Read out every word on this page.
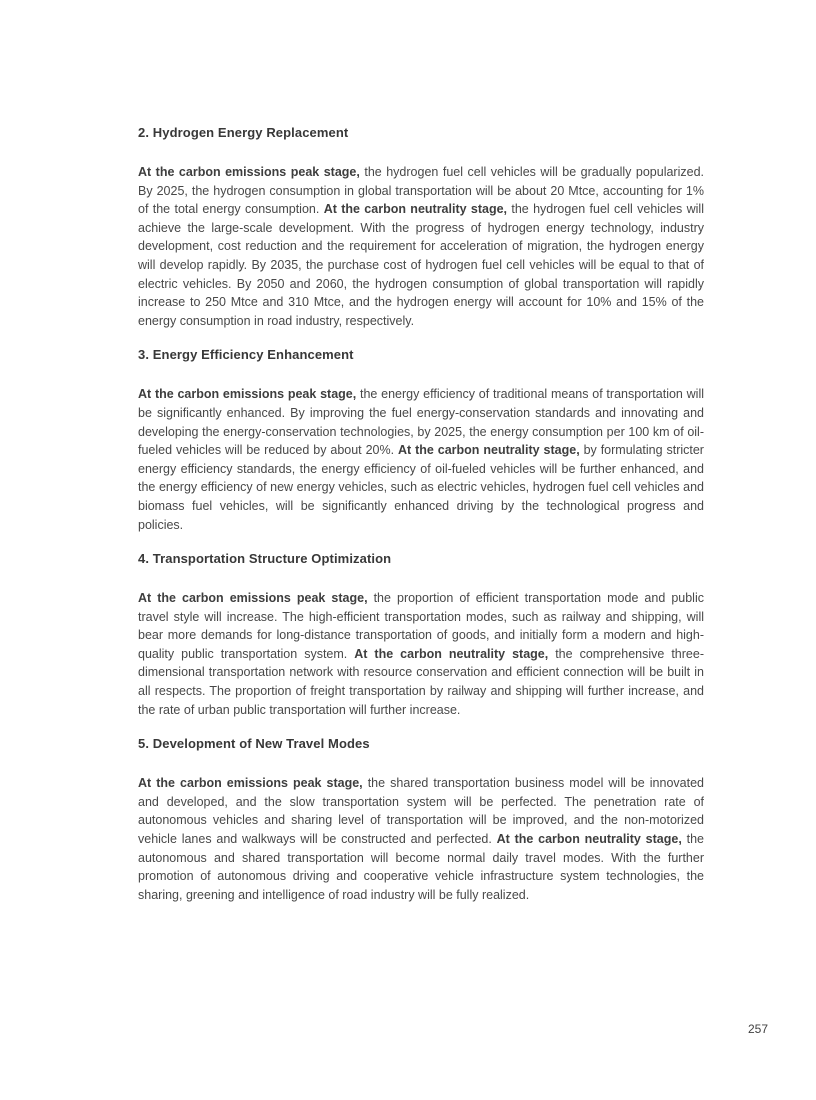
2. Hydrogen Energy Replacement

At the carbon emissions peak stage, the hydrogen fuel cell vehicles will be gradually popularized. By 2025, the hydrogen consumption in global transportation will be about 20 Mtce, accounting for 1% of the total energy consumption. At the carbon neutrality stage, the hydrogen fuel cell vehicles will achieve the large-scale development. With the progress of hydrogen energy technology, industry development, cost reduction and the requirement for acceleration of migration, the hydrogen energy will develop rapidly. By 2035, the purchase cost of hydrogen fuel cell vehicles will be equal to that of electric vehicles. By 2050 and 2060, the hydrogen consumption of global transportation will rapidly increase to 250 Mtce and 310 Mtce, and the hydrogen energy will account for 10% and 15% of the energy consumption in road industry, respectively.

3. Energy Efficiency Enhancement

At the carbon emissions peak stage, the energy efficiency of traditional means of transportation will be significantly enhanced. By improving the fuel energy-conservation standards and innovating and developing the energy-conservation technologies, by 2025, the energy consumption per 100 km of oil-fueled vehicles will be reduced by about 20%. At the carbon neutrality stage, by formulating stricter energy efficiency standards, the energy efficiency of oil-fueled vehicles will be further enhanced, and the energy efficiency of new energy vehicles, such as electric vehicles, hydrogen fuel cell vehicles and biomass fuel vehicles, will be significantly enhanced driving by the technological progress and policies.

4. Transportation Structure Optimization

At the carbon emissions peak stage, the proportion of efficient transportation mode and public travel style will increase. The high-efficient transportation modes, such as railway and shipping, will bear more demands for long-distance transportation of goods, and initially form a modern and high-quality public transportation system. At the carbon neutrality stage, the comprehensive three-dimensional transportation network with resource conservation and efficient connection will be built in all respects. The proportion of freight transportation by railway and shipping will further increase, and the rate of urban public transportation will further increase.

5. Development of New Travel Modes

At the carbon emissions peak stage, the shared transportation business model will be innovated and developed, and the slow transportation system will be perfected. The penetration rate of autonomous vehicles and sharing level of transportation will be improved, and the non-motorized vehicle lanes and walkways will be constructed and perfected. At the carbon neutrality stage, the autonomous and shared transportation will become normal daily travel modes. With the further promotion of autonomous driving and cooperative vehicle infrastructure system technologies, the sharing, greening and intelligence of road industry will be fully realized.

257
